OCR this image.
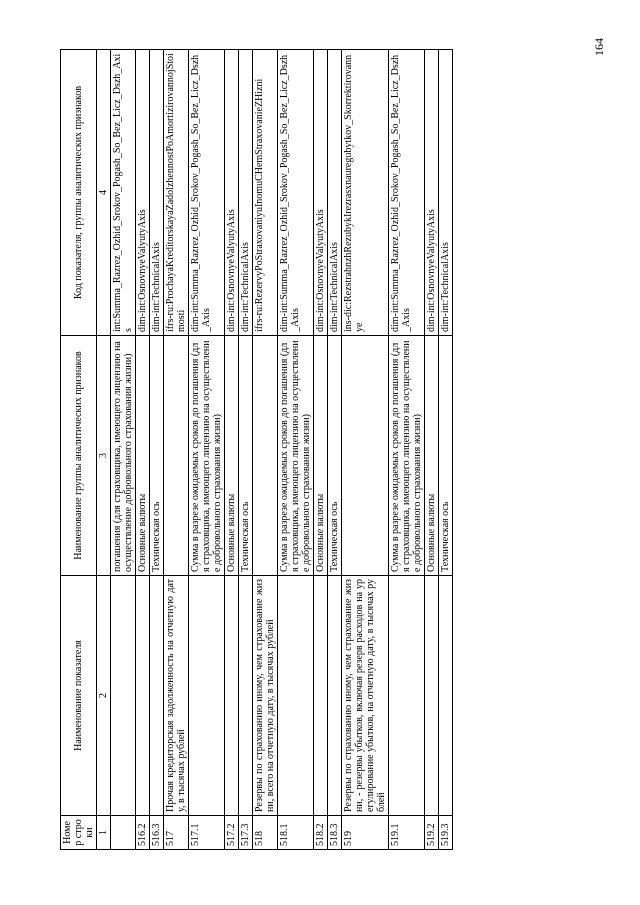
164
Номер строки	Наименование показателя	Наименование группы аналитических признаков	Код показателя, группы аналитических признаков
1	2	3	4
		погашения (для страховщика, имеющего лицензию на осуществление добровольного страхования жизни)	int:Summa_Razrez_Ozhid_Srokov_Pogash_So_Bez_Licz_Dszh_Axis
516.2		Основные валюты	dim-int:OsnovnyeValyutyAxis
516.3		Техническая ось	dim-int:TechnicalAxis
517	Прочая кредиторская задолженность на отчетную дату, в тысячах рублей		ifrs-ru:ProchayaKreditorskayaZadolzhennostPoAmortizirovannojStoimosti
517.1		Сумма в разрезе ожидаемых сроков до погашения (для страховщика, имеющего лицензию на осуществление добровольного страхования жизни)	dim-int:Summa_Razrez_Ozhid_Srokov_Pogash_So_Bez_Licz_Dszh_Axis
517.2		Основные валюты	dim-int:OsnovnyeValyutyAxis
517.3		Техническая ось	dim-int:TechnicalAxis
518	Резервы по страхованию иному, чем страхование жизни, всего на отчетную дату, в тысячах рублей		ifrs-ru:RezervyPoStraxovaniyuInomuCHemStraxovanieZHizni
518.1		Сумма в разрезе ожидаемых сроков до погашения (для страховщика, имеющего лицензию на осуществление добровольного страхования жизни)	dim-int:Summa_Razrez_Ozhid_Srokov_Pogash_So_Bez_Licz_Dszh_Axis
518.2		Основные валюты	dim-int:OsnovnyeValyutyAxis
518.3		Техническая ось	dim-int:TechnicalAxis
519	Резервы по страхованию иному, чем страхование жизни, - резервы убытков, включая резерв расходов на урегулирование убытков, на отчетную дату, в тысячах рублей		ins-dic:RezstrahnzhRezubykIrezrasxnauregubytkov_Skorrektirovannye
519.1		Сумма в разрезе ожидаемых сроков до погашения (для страховщика, имеющего лицензию на осуществление добровольного страхования жизни)	dim-int:Summa_Razrez_Ozhid_Srokov_Pogash_So_Bez_Licz_Dszh_Axis
519.2		Основные валюты	dim-int:OsnovnyeValyutyAxis
519.3		Техническая ось	dim-int:TechnicalAxis
